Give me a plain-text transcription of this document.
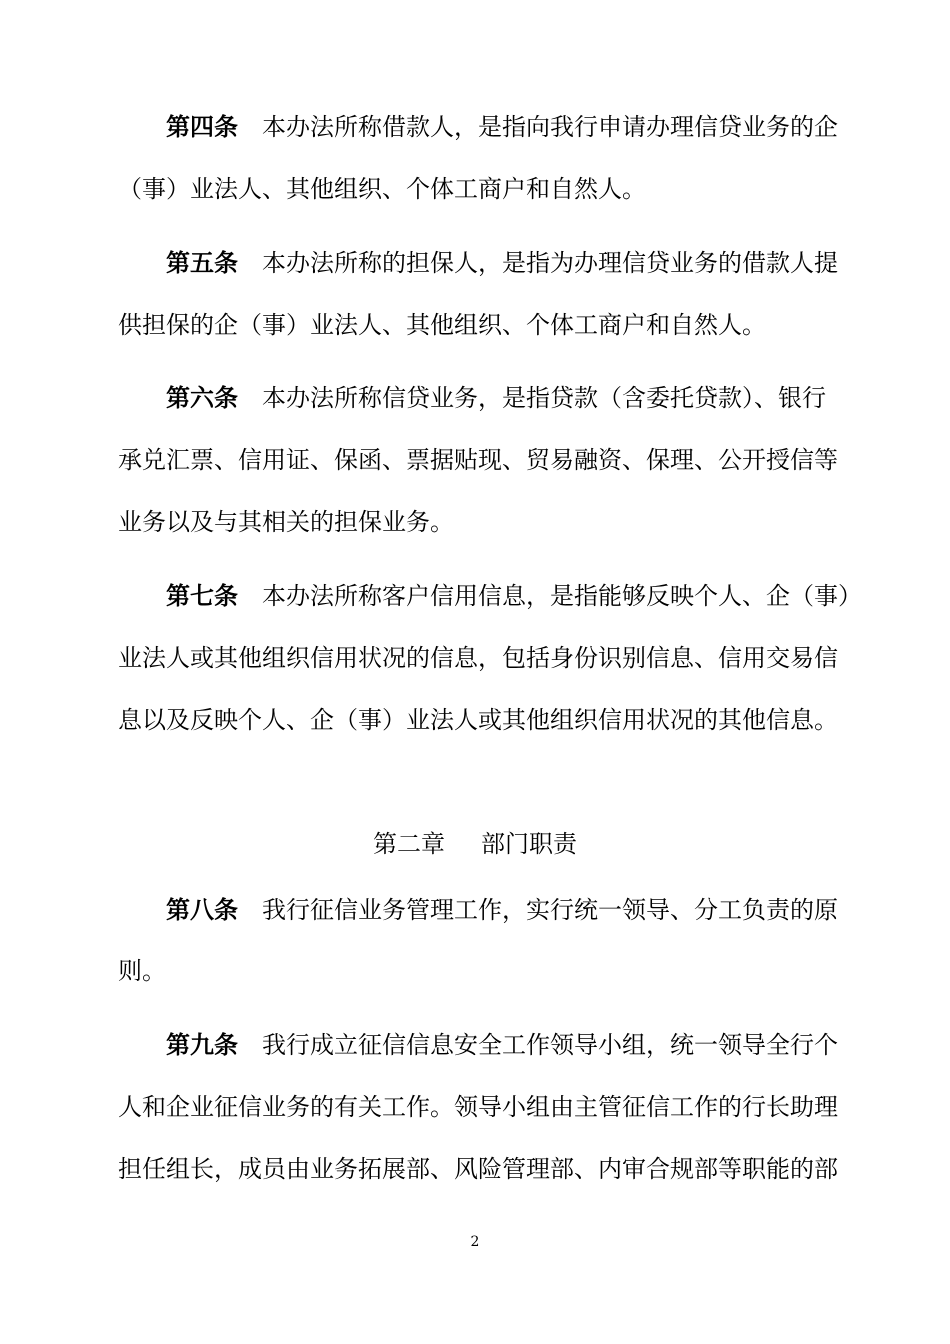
第四条 本办法所称借款人，是指向我行申请办理信贷业务的企
（事）业法人、其他组织、个体工商户和自然人。
第五条 本办法所称的担保人，是指为办理信贷业务的借款人提
供担保的企（事）业法人、其他组织、个体工商户和自然人。
第六条 本办法所称信贷业务，是指贷款（含委托贷款）、银行
承兑汇票、信用证、保函、票据贴现、贸易融资、保理、公开授信等
业务以及与其相关的担保业务。
第七条 本办法所称客户信用信息，是指能够反映个人、企（事）
业法人或其他组织信用状况的信息，包括身份识别信息、信用交易信
息以及反映个人、企（事）业法人或其他组织信用状况的其他信息。
第二章 部门职责
第八条 我行征信业务管理工作，实行统一领导、分工负责的原
则。
第九条 我行成立征信信息安全工作领导小组，统一领导全行个
人和企业征信业务的有关工作。领导小组由主管征信工作的行长助理
担任组长，成员由业务拓展部、风险管理部、内审合规部等职能的部
2
